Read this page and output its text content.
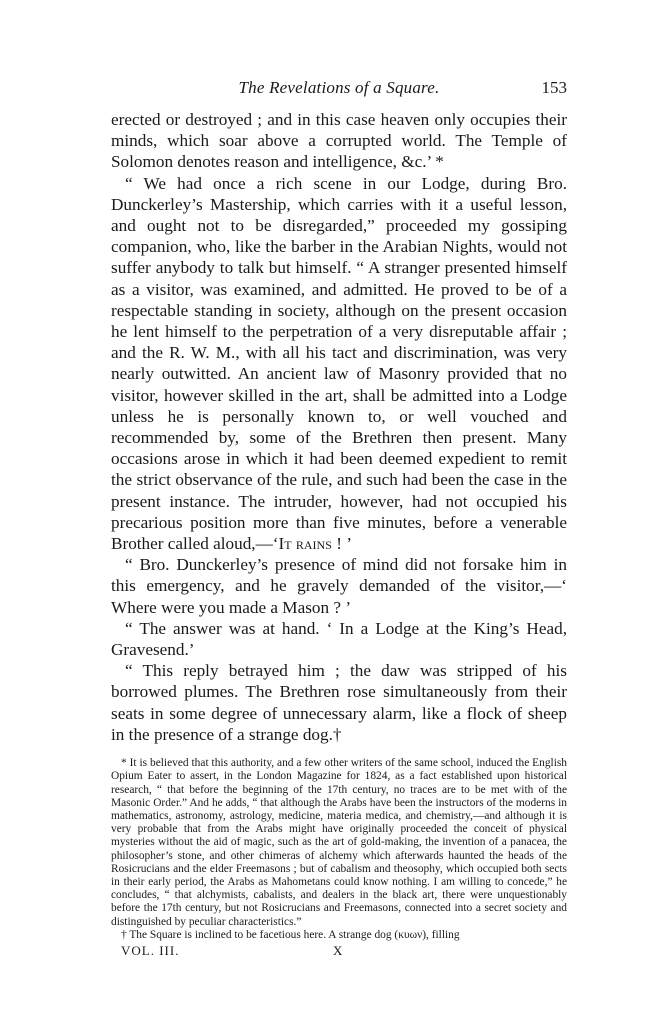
The Revelations of a Square.	153

erected or destroyed ; and in this case heaven only occupies their minds, which soar above a corrupted world. The Temple of Solomon denotes reason and intelligence, &c.’ *

“ We had once a rich scene in our Lodge, during Bro. Dunckerley’s Mastership, which carries with it a useful lesson, and ought not to be disregarded,” proceeded my gossiping companion, who, like the barber in the Arabian Nights, would not suffer anybody to talk but himself. “ A stranger presented himself as a visitor, was examined, and admitted. He proved to be of a respectable standing in society, although on the present occasion he lent himself to the perpetration of a very disreputable affair ; and the R. W. M., with all his tact and discrimination, was very nearly outwitted. An ancient law of Masonry provided that no visitor, however skilled in the art, shall be admitted into a Lodge unless he is personally known to, or well vouched and recommended by, some of the Brethren then present. Many occasions arose in which it had been deemed expedient to remit the strict observance of the rule, and such had been the case in the present instance. The intruder, however, had not occupied his precarious position more than five minutes, before a venerable Brother called aloud,—‘It rains ! ’

“ Bro. Dunckerley’s presence of mind did not forsake him in this emergency, and he gravely demanded of the visitor,—‘ Where were you made a Mason ? ’

“ The answer was at hand. ‘ In a Lodge at the King’s Head, Gravesend.’

“ This reply betrayed him ; the daw was stripped of his borrowed plumes. The Brethren rose simultaneously from their seats in some degree of unnecessary alarm, like a flock of sheep in the presence of a strange dog.†

* It is believed that this authority, and a few other writers of the same school, induced the English Opium Eater to assert, in the London Magazine for 1824, as a fact established upon historical research, “ that before the beginning of the 17th century, no traces are to be met with of the Masonic Order.” And he adds, “ that although the Arabs have been the instructors of the moderns in mathematics, astronomy, astrology, medicine, materia medica, and chemistry,—and although it is very probable that from the Arabs might have originally proceeded the conceit of physical mysteries without the aid of magic, such as the art of gold-making, the invention of a panacea, the philosopher’s stone, and other chimeras of alchemy which afterwards haunted the heads of the Rosicrucians and the elder Freemasons ; but of cabalism and theosophy, which occupied both sects in their early period, the Arabs as Mahometans could know nothing. I am willing to concede,” he concludes, “ that alchymists, cabalists, and dealers in the black art, there were unquestionably before the 17th century, but not Rosicrucians and Freemasons, connected into a secret society and distinguished by peculiar characteristics.”

† The Square is inclined to be facetious here. A strange dog (κυων), filling

VOL. III.	X
